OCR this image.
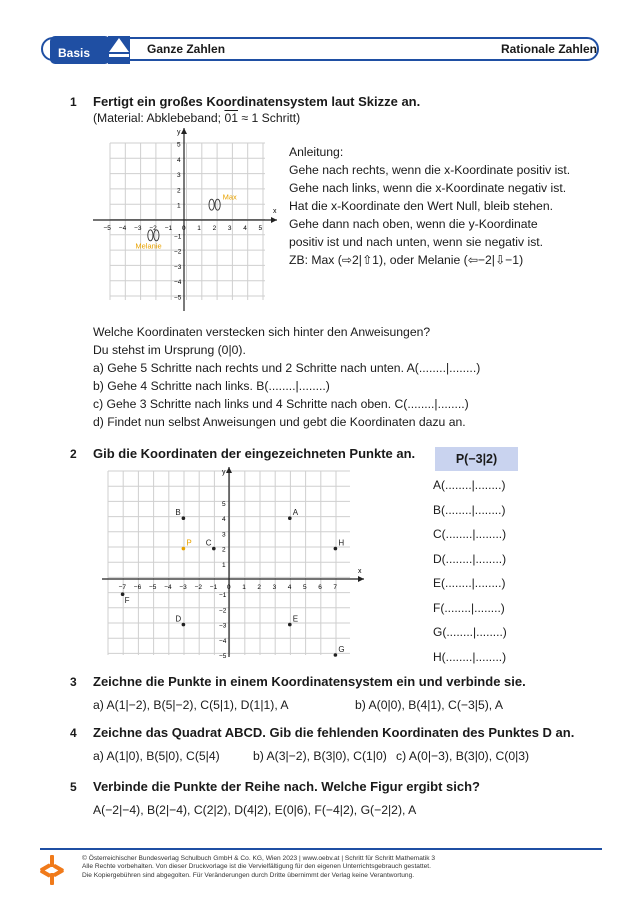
Basis	Ganze Zahlen	Rationale Zahlen
1 Fertigt ein großes Koordinatensystem laut Skizze an.
(Material: Abklebeband; 01 ≈ 1 Schritt)
x
y
−5 −4 −3 −2 −1 0 1 2 3 4 5
5
4
3
2
1
−1
−2
−3
−4
−5
Max
Melanie
Anleitung:
Gehe nach rechts, wenn die x-Koordinate positiv ist.
Gehe nach links, wenn die x-Koordinate negativ ist.
Hat die x-Koordinate den Wert Null, bleib stehen.
Gehe dann nach oben, wenn die y-Koordinate
positiv ist und nach unten, wenn sie negativ ist.
ZB: Max (⇨2|⇧1), oder Melanie (⇦−2|⇩−1)
Welche Koordinaten verstecken sich hinter den Anweisungen?
Du stehst im Ursprung (0|0).
a) Gehe 5 Schritte nach rechts und 2 Schritte nach unten. A(........|........)
b) Gehe 4 Schritte nach links. B(........|........)
c) Gehe 3 Schritte nach links und 4 Schritte nach oben. C(........|........)
d) Findet nun selbst Anweisungen und gebt die Koordinaten dazu an.
2 Gib die Koordinaten der eingezeichneten Punkte an.	P(−3|2)
x
y
−7 −6 −5 −4 −3 −2 −1 0 1 2 3 4 5 6 7
5
4
3
2
1
−1
−2
−3
−4
−5
A
B
C
P	H
F
D	E
G
A(........|........)
B(........|........)
C(........|........)
D(........|........)
E(........|........)
F(........|........)
G(........|........)
H(........|........)
3 Zeichne die Punkte in einem Koordinatensystem ein und verbinde sie.
a) A(1|−2), B(5|−2), C(5|1), D(1|1), A	b) A(0|0), B(4|1), C(−3|5), A
4 Zeichne das Quadrat ABCD. Gib die fehlenden Koordinaten des Punktes D an.
a) A(1|0), B(5|0), C(5|4)	b) A(3|−2), B(3|0), C(1|0) c) A(0|−3), B(3|0), C(0|3)
5 Verbinde die Punkte der Reihe nach. Welche Figur ergibt sich?
A(−2|−4), B(2|−4), C(2|2), D(4|2), E(0|6), F(−4|2), G(−2|2), A
© Österreichischer Bundesverlag Schulbuch GmbH & Co. KG, Wien 2023 | www.oebv.at | Schritt für Schritt Mathematik 3
Alle Rechte vorbehalten. Von dieser Druckvorlage ist die Vervielfältigung für den eigenen Unterrichtsgebrauch gestattet.
Die Kopiergebühren sind abgegolten. Für Veränderungen durch Dritte übernimmt der Verlag keine Verantwortung.
